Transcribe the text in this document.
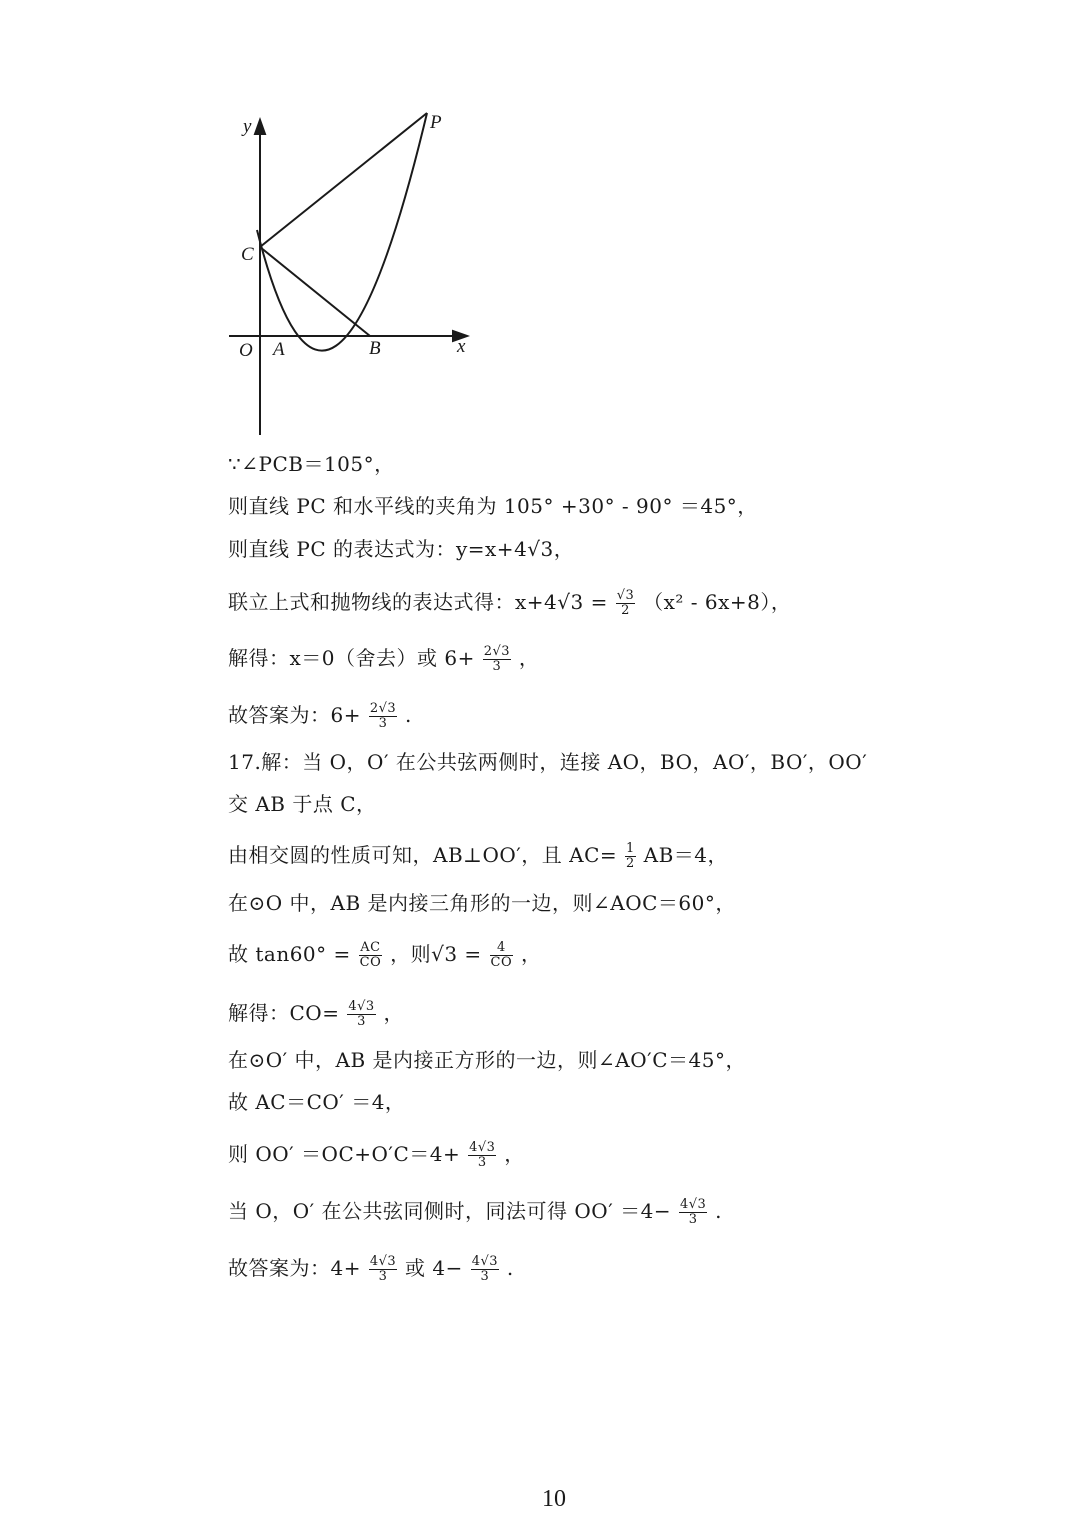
y
x
O A	B
C
P
∵∠PCB＝105°，
则直线 PC 和水平线的夹角为 105° +30° - 90° ＝45°，
则直线 PC 的表达式为：y=x+4√3，
联立上式和抛物线的表达式得：$x+4√3 = \frac{√3}{2} (x^2 - 6x+8)$，
解得：x＝0（舍去）或 $6+ \frac{2√3}{3}$ ，
故答案为：$6+ \frac{2√3}{3}$ .
17.解：当 O，O′ 在公共弦两侧时，连接 AO，BO，AO′，BO′，OO′
交 AB 于点 C，
由相交圆的性质可知，AB⊥OO′，且 $AC= \frac{1}{2} AB=4$，
在⊙O 中，AB 是内接三角形的一边，则∠AOC＝60°，
故 $\tan 60^\circ = \frac{AC}{CO}$ ，则$√3 = \frac{4}{CO}$ ，
解得：$CO= \frac{4√3}{3}$ ，
在⊙O′ 中，AB 是内接正方形的一边，则∠AO′C＝45°，
故 AC＝CO′ ＝4，
则 $OO' =OC+O'C=4+ \frac{4√3}{3}$ ，
当 O，O′ 在公共弦同侧时，同法可得 $OO' =4- \frac{4√3}{3}$ .
故答案为：$4+ \frac{4√3}{3}$ 或 $4- \frac{4√3}{3}$ .
10
